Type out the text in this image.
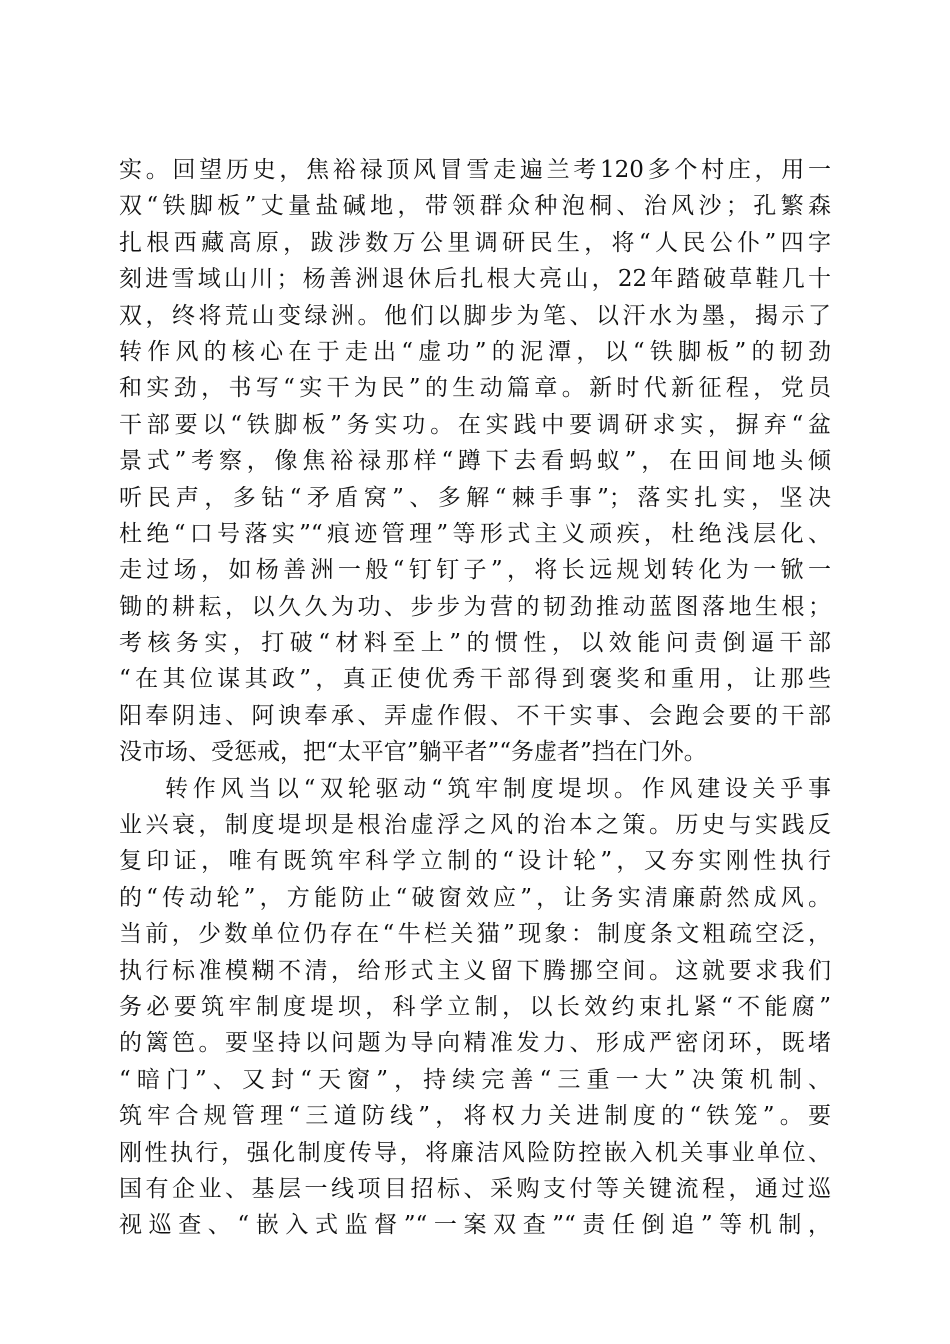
实。回望历史，焦裕禄顶风冒雪走遍兰考120多个村庄，用一
双“铁脚板”丈量盐碱地，带领群众种泡桐、治风沙；孔繁森
扎根西藏高原，跋涉数万公里调研民生，将“人民公仆”四字
刻进雪域山川；杨善洲退休后扎根大亮山，22年踏破草鞋几十
双，终将荒山变绿洲。他们以脚步为笔、以汗水为墨，揭示了
转作风的核心在于走出“虚功”的泥潭，以“铁脚板”的韧劲
和实劲，书写“实干为民”的生动篇章。新时代新征程，党员
干部要以“铁脚板”务实功。在实践中要调研求实，摒弃“盆
景式”考察，像焦裕禄那样“蹲下去看蚂蚁”，在田间地头倾
听民声，多钻“矛盾窝”、多解“棘手事”；落实扎实，坚决
杜绝“口号落实”“痕迹管理”等形式主义顽疾，杜绝浅层化、
走过场，如杨善洲一般“钉钉子”，将长远规划转化为一锨一
锄的耕耘，以久久为功、步步为营的韧劲推动蓝图落地生根；
考核务实，打破“材料至上”的惯性，以效能问责倒逼干部
“在其位谋其政”，真正使优秀干部得到褒奖和重用，让那些
阳奉阴违、阿谀奉承、弄虚作假、不干实事、会跑会要的干部
没市场、受惩戒，把“太平官”躺平者”“务虚者”挡在门外。
转作风当以“双轮驱动“筑牢制度堤坝。作风建设关乎事
业兴衰，制度堤坝是根治虚浮之风的治本之策。历史与实践反
复印证，唯有既筑牢科学立制的“设计轮”，又夯实刚性执行
的“传动轮”，方能防止“破窗效应”，让务实清廉蔚然成风。
当前，少数单位仍存在“牛栏关猫”现象：制度条文粗疏空泛，
执行标准模糊不清，给形式主义留下腾挪空间。这就要求我们
务必要筑牢制度堤坝，科学立制，以长效约束扎紧“不能腐”
的篱笆。要坚持以问题为导向精准发力、形成严密闭环，既堵
“暗门”、又封“天窗”，持续完善“三重一大”决策机制、
筑牢合规管理“三道防线”，将权力关进制度的“铁笼”。要
刚性执行，强化制度传导，将廉洁风险防控嵌入机关事业单位、
国有企业、基层一线项目招标、采购支付等关键流程，通过巡
视巡查、“嵌入式监督”“一案双查”“责任倒追”等机制，
